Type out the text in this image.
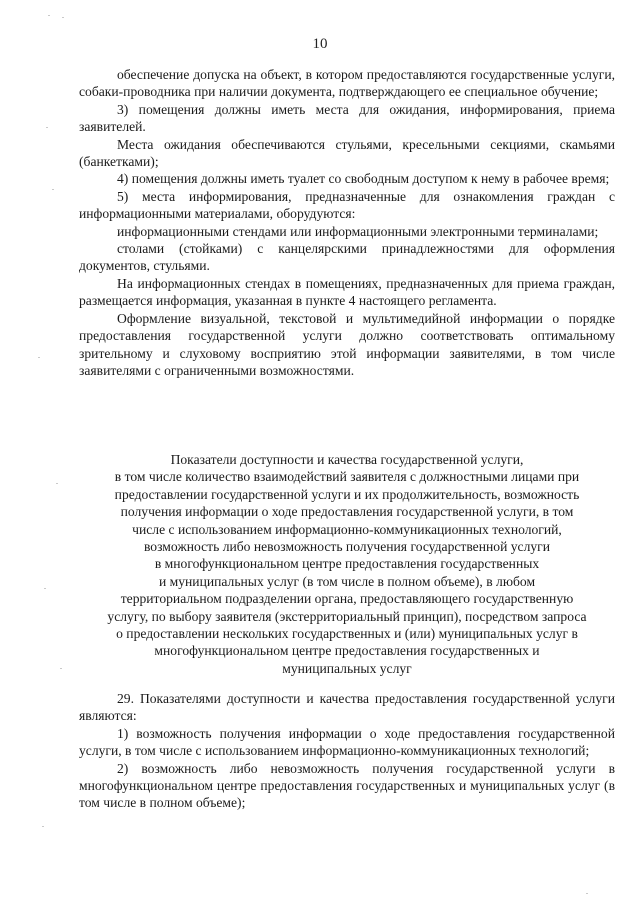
10

обеспечение допуска на объект, в котором предоставляются государственные услуги, собаки-проводника при наличии документа, подтверждающего ее специальное обучение;

3) помещения должны иметь места для ожидания, информирования, приема заявителей.

Места ожидания обеспечиваются стульями, кресельными секциями, скамьями (банкетками);

4) помещения должны иметь туалет со свободным доступом к нему в рабочее время;

5) места информирования, предназначенные для ознакомления граждан с информационными материалами, оборудуются:

информационными стендами или информационными электронными терминалами;

столами (стойками) с канцелярскими принадлежностями для оформления документов, стульями.

На информационных стендах в помещениях, предназначенных для приема граждан, размещается информация, указанная в пункте 4 настоящего регламента.

Оформление визуальной, текстовой и мультимедийной информации о порядке предоставления государственной услуги должно соответствовать оптимальному зрительному и слуховому восприятию этой информации заявителями, в том числе заявителями с ограниченными возможностями.

Показатели доступности и качества государственной услуги,
в том числе количество взаимодействий заявителя с должностными лицами при
предоставлении государственной услуги и их продолжительность, возможность
получения информации о ходе предоставления государственной услуги, в том
числе с использованием информационно-коммуникационных технологий,
возможность либо невозможность получения государственной услуги
в многофункциональном центре предоставления государственных
и муниципальных услуг (в том числе в полном объеме), в любом
территориальном подразделении органа, предоставляющего государственную
услугу, по выбору заявителя (экстерриториальный принцип), посредством запроса
о предоставлении нескольких государственных и (или) муниципальных услуг в
многофункциональном центре предоставления государственных и
муниципальных услуг

29. Показателями доступности и качества предоставления государственной услуги являются:

1) возможность получения информации о ходе предоставления государственной услуги, в том числе с использованием информационно-коммуникационных технологий;

2) возможность либо невозможность получения государственной услуги в многофункциональном центре предоставления государственных и муниципальных услуг (в том числе в полном объеме);
